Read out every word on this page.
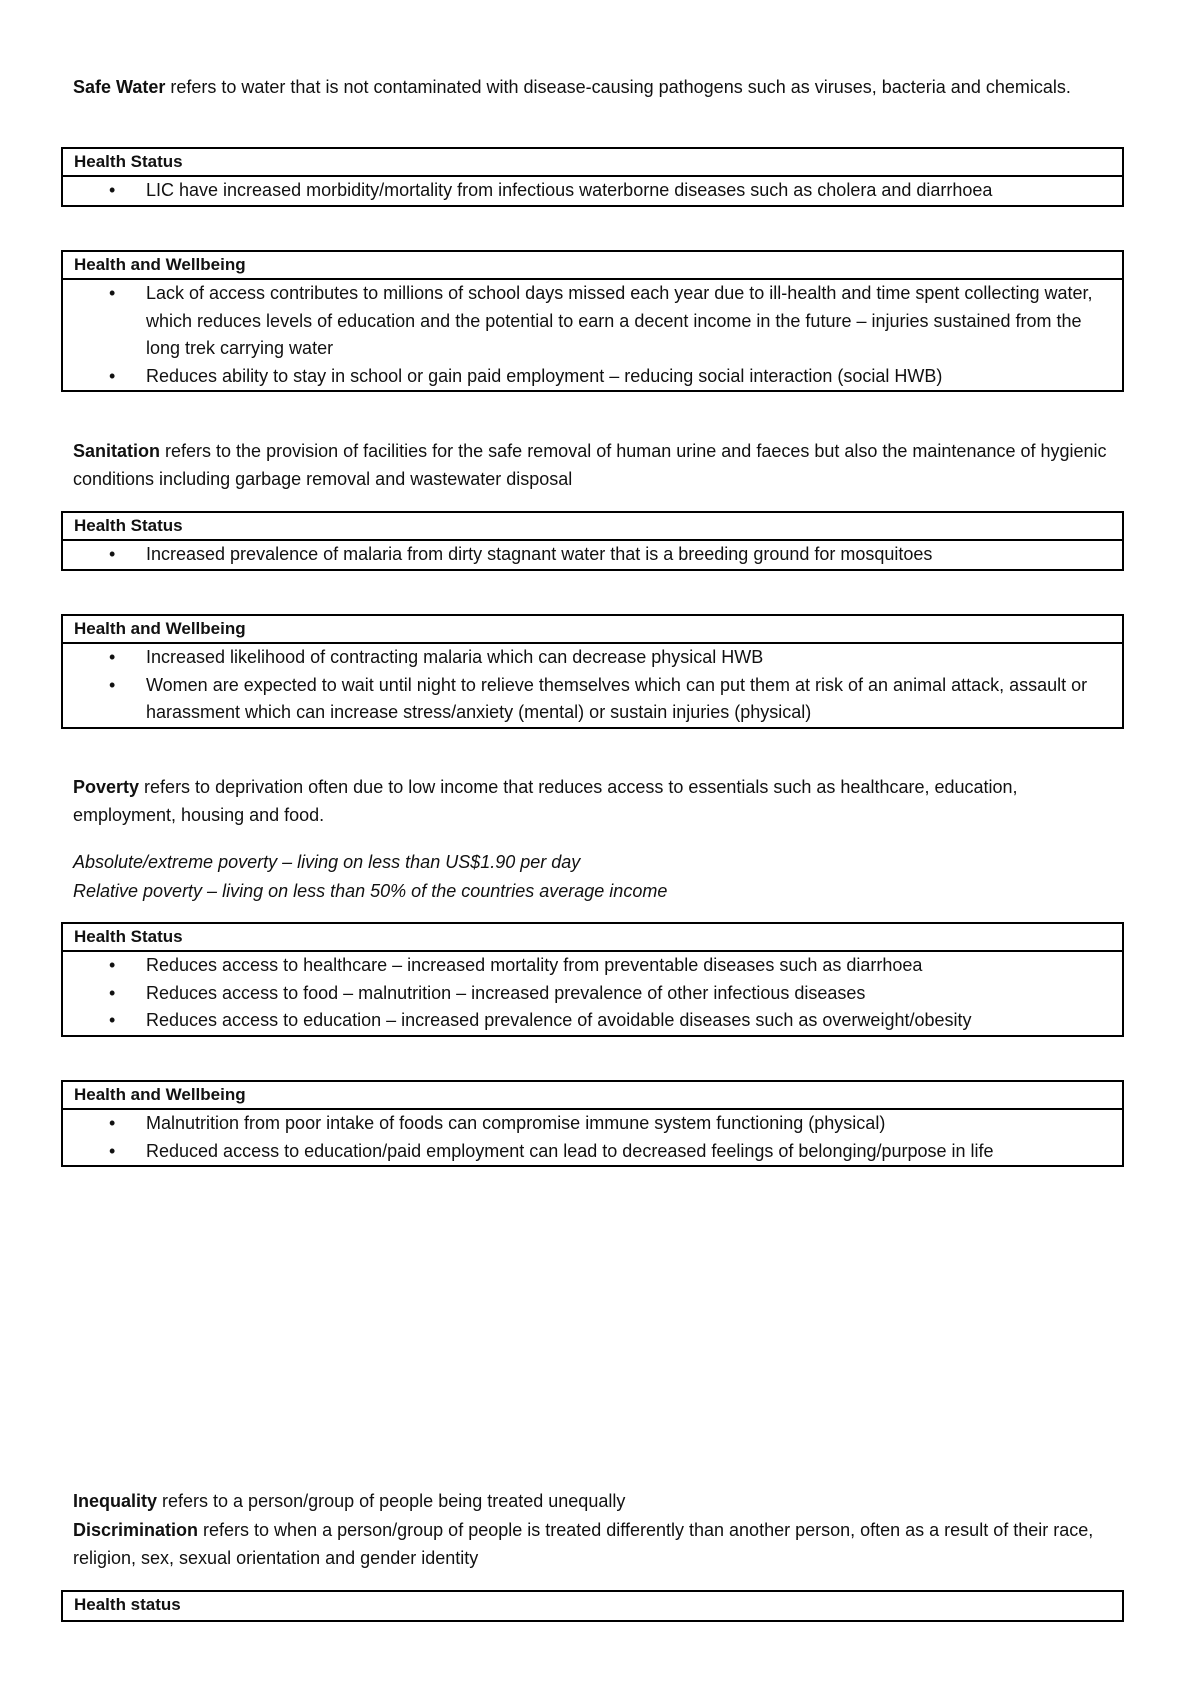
Safe Water refers to water that is not contaminated with disease-causing pathogens such as viruses, bacteria and chemicals.

Health Status
• LIC have increased morbidity/mortality from infectious waterborne diseases such as cholera and diarrhoea
Health and Wellbeing
• Lack of access contributes to millions of school days missed each year due to ill-health and time spent collecting water, which reduces levels of education and the potential to earn a decent income in the future – injuries sustained from the long trek carrying water
• Reduces ability to stay in school or gain paid employment – reducing social interaction (social HWB)

Sanitation refers to the provision of facilities for the safe removal of human urine and faeces but also the maintenance of hygienic conditions including garbage removal and wastewater disposal

Health Status
• Increased prevalence of malaria from dirty stagnant water that is a breeding ground for mosquitoes
Health and Wellbeing
• Increased likelihood of contracting malaria which can decrease physical HWB
• Women are expected to wait until night to relieve themselves which can put them at risk of an animal attack, assault or harassment which can increase stress/anxiety (mental) or sustain injuries (physical)

Poverty refers to deprivation often due to low income that reduces access to essentials such as healthcare, education, employment, housing and food.

Absolute/extreme poverty – living on less than US$1.90 per day

Relative poverty – living on less than 50% of the countries average income

Health Status
• Reduces access to healthcare – increased mortality from preventable diseases such as diarrhoea
• Reduces access to food – malnutrition – increased prevalence of other infectious diseases
• Reduces access to education – increased prevalence of avoidable diseases such as overweight/obesity
Health and Wellbeing
• Malnutrition from poor intake of foods can compromise immune system functioning (physical)
• Reduced access to education/paid employment can lead to decreased feelings of belonging/purpose in life

Inequality refers to a person/group of people being treated unequally

Discrimination refers to when a person/group of people is treated differently than another person, often as a result of their race, religion, sex, sexual orientation and gender identity

Health status
